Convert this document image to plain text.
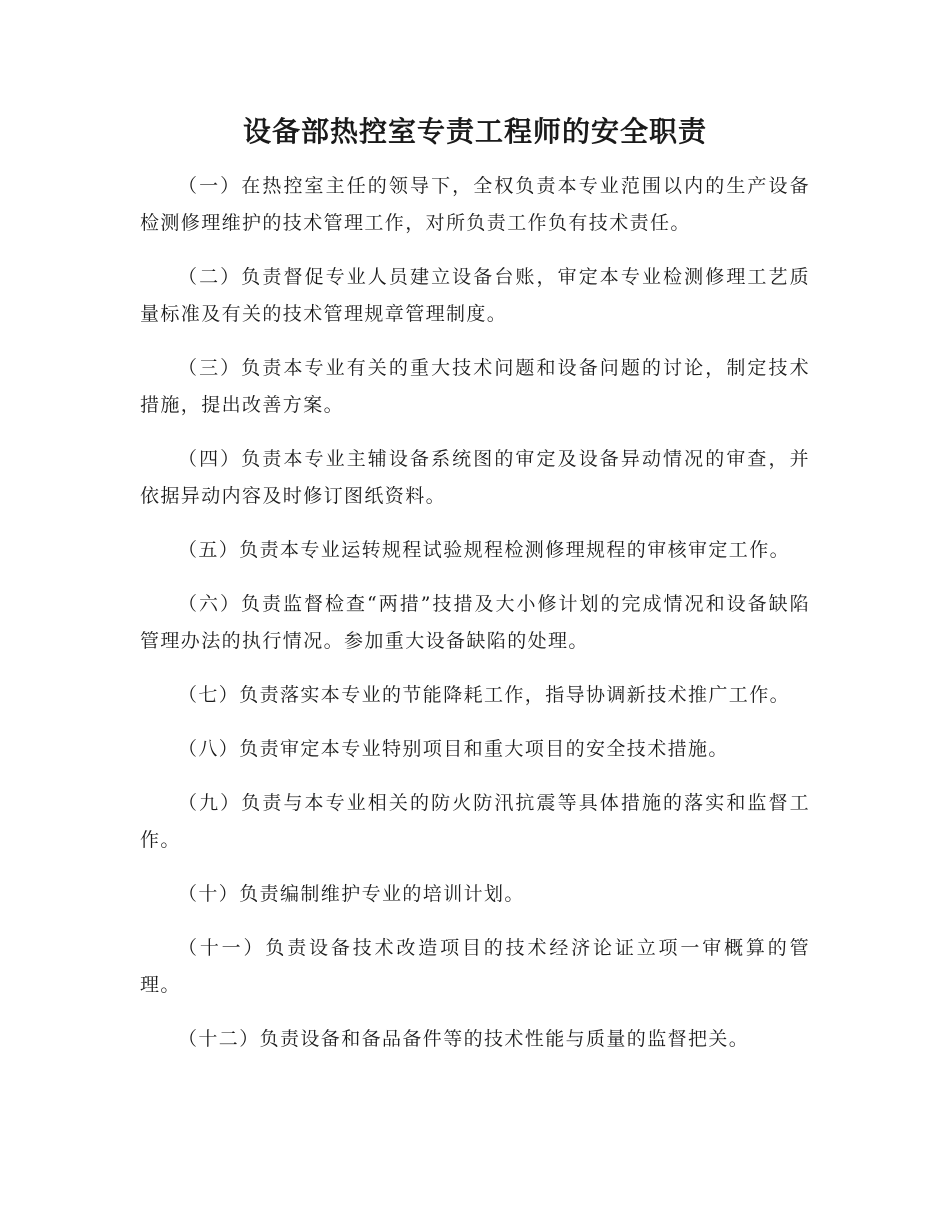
设备部热控室专责工程师的安全职责

（一）在热控室主任的领导下，全权负责本专业范围以内的生产设备检测修理维护的技术管理工作，对所负责工作负有技术责任。

（二）负责督促专业人员建立设备台账，审定本专业检测修理工艺质量标准及有关的技术管理规章管理制度。

（三）负责本专业有关的重大技术问题和设备问题的讨论，制定技术措施，提出改善方案。

（四）负责本专业主辅设备系统图的审定及设备异动情况的审查，并依据异动内容及时修订图纸资料。

（五）负责本专业运转规程试验规程检测修理规程的审核审定工作。

（六）负责监督检查“两措”技措及大小修计划的完成情况和设备缺陷管理办法的执行情况。参加重大设备缺陷的处理。

（七）负责落实本专业的节能降耗工作，指导协调新技术推广工作。

（八）负责审定本专业特别项目和重大项目的安全技术措施。

（九）负责与本专业相关的防火防汛抗震等具体措施的落实和监督工作。

（十）负责编制维护专业的培训计划。

（十一）负责设备技术改造项目的技术经济论证立项一审概算的管理。

（十二）负责设备和备品备件等的技术性能与质量的监督把关。
